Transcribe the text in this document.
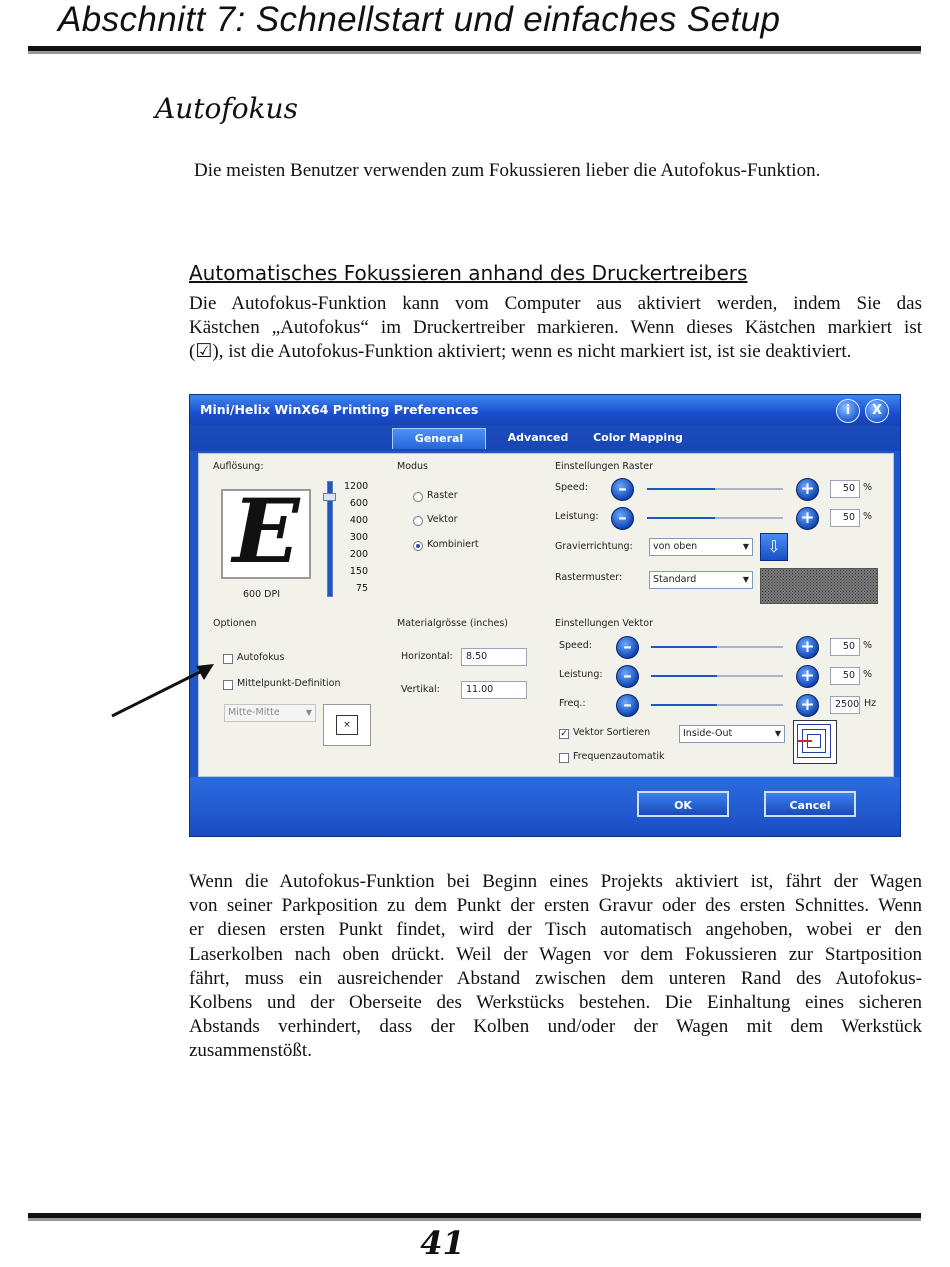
Abschnitt 7: Schnellstart und einfaches Setup
Autofokus
Die meisten Benutzer verwenden zum Fokussieren lieber die Autofokus-Funktion.
Automatisches Fokussieren anhand des Druckertreibers
Die Autofokus-Funktion kann vom Computer aus aktiviert werden, indem Sie das
Kästchen „Autofokus“ im Druckertreiber markieren. Wenn dieses Kästchen markiert ist
(☑), ist die Autofokus-Funktion aktiviert; wenn es nicht markiert ist, ist sie deaktiviert.
Mini/Helix WinX64 Printing Preferences	i	X
General	Advanced	Color Mapping
Auflösung:
E
600 DPI
1200
600
400
300
200
150
75
Modus
Raster
Vektor
Kombiniert
Einstellungen Raster
Speed:	–	+	50 %
Leistung:	–	+	50 %
Gravierrichtung:	von oben	▼	⇩
Rastermuster:	Standard	▼
Optionen
Autofokus
Mittelpunkt-Definition
Mitte-Mitte	▼
×
Materialgrösse (inches)
Horizontal:	8.50
Vertikal:	11.00
Einstellungen Vektor
Speed:	–	+	50 %
Leistung:	–	+	50 %
Freq.:	–	+	2500 Hz
✓ Vektor Sortieren	Inside-Out	▼
Frequenzautomatik
OK	Cancel
Wenn die Autofokus-Funktion bei Beginn eines Projekts aktiviert ist, fährt der Wagen
von seiner Parkposition zu dem Punkt der ersten Gravur oder des ersten Schnittes. Wenn
er diesen ersten Punkt findet, wird der Tisch automatisch angehoben, wobei er den
Laserkolben nach oben drückt. Weil der Wagen vor dem Fokussieren zur Startposition
fährt, muss ein ausreichender Abstand zwischen dem unteren Rand des Autofokus-
Kolbens und der Oberseite des Werkstücks bestehen. Die Einhaltung eines sicheren
Abstands verhindert, dass der Kolben und/oder der Wagen mit dem Werkstück
zusammenstößt.
41
